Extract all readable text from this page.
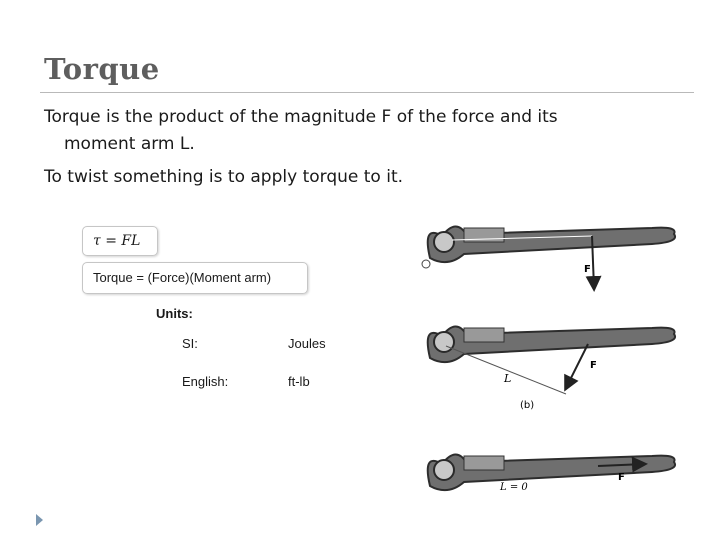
Torque

Torque is the product of the magnitude F of the force and its
moment arm L.

To twist something is to apply torque to it.

τ = FL
Torque = (Force)(Moment arm)
Units:
SI:	Joules
English:	ft-lb
L
F
L
F
(b)
F
L = 0
